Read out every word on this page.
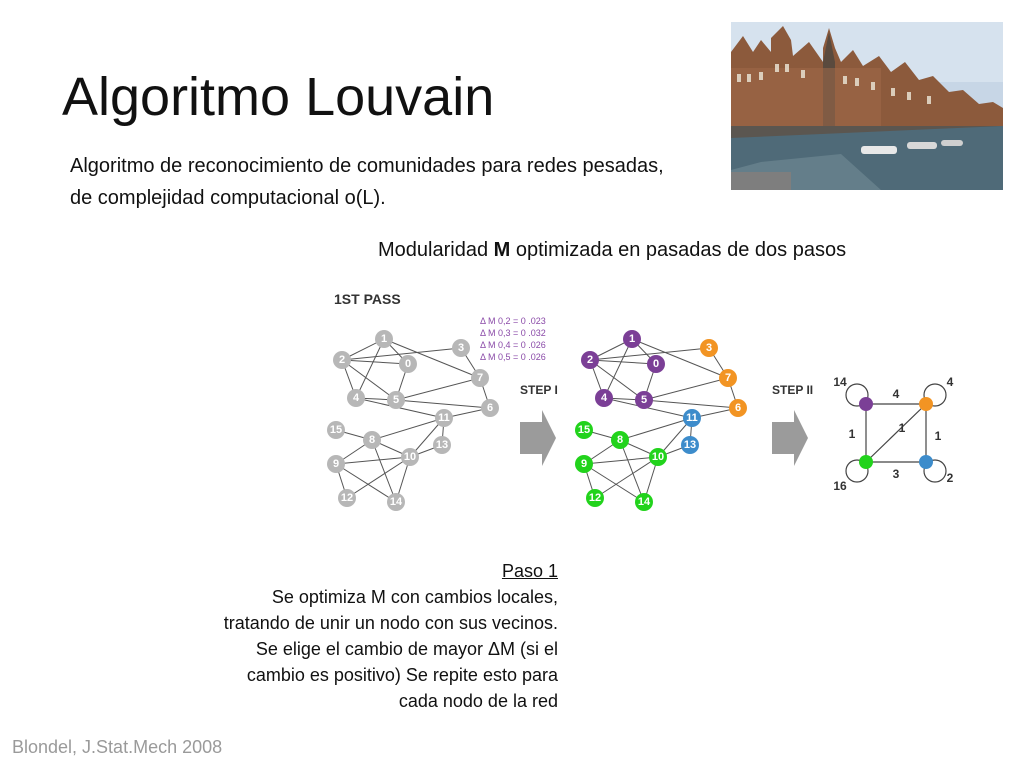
Algoritmo Louvain
Algoritmo de reconocimiento de comunidades para redes pesadas, de complejidad computacional o(L).
Modularidad M optimizada en pasadas de dos pasos
1ST PASS
Δ M 0,2 = 0 .023
Δ M 0,3 = 0 .032
Δ M 0,4 = 0 .026
Δ M 0,5 = 0 .026
0
1
2
3
4	5
6
7
8
9
10
11
12
13
14
15
STEP I
0
1
2
3
4	5
6
7
8
9
10
11
12
13
14
15
STEP II	4
1	1
1
3
14	4
16
2
Paso 1
Se optimiza M con cambios locales,
tratando de unir un nodo con sus vecinos.
Se elige el cambio de mayor ΔM (si el
cambio es positivo) Se repite esto para
cada nodo de la red
Blondel, J.Stat.Mech 2008
